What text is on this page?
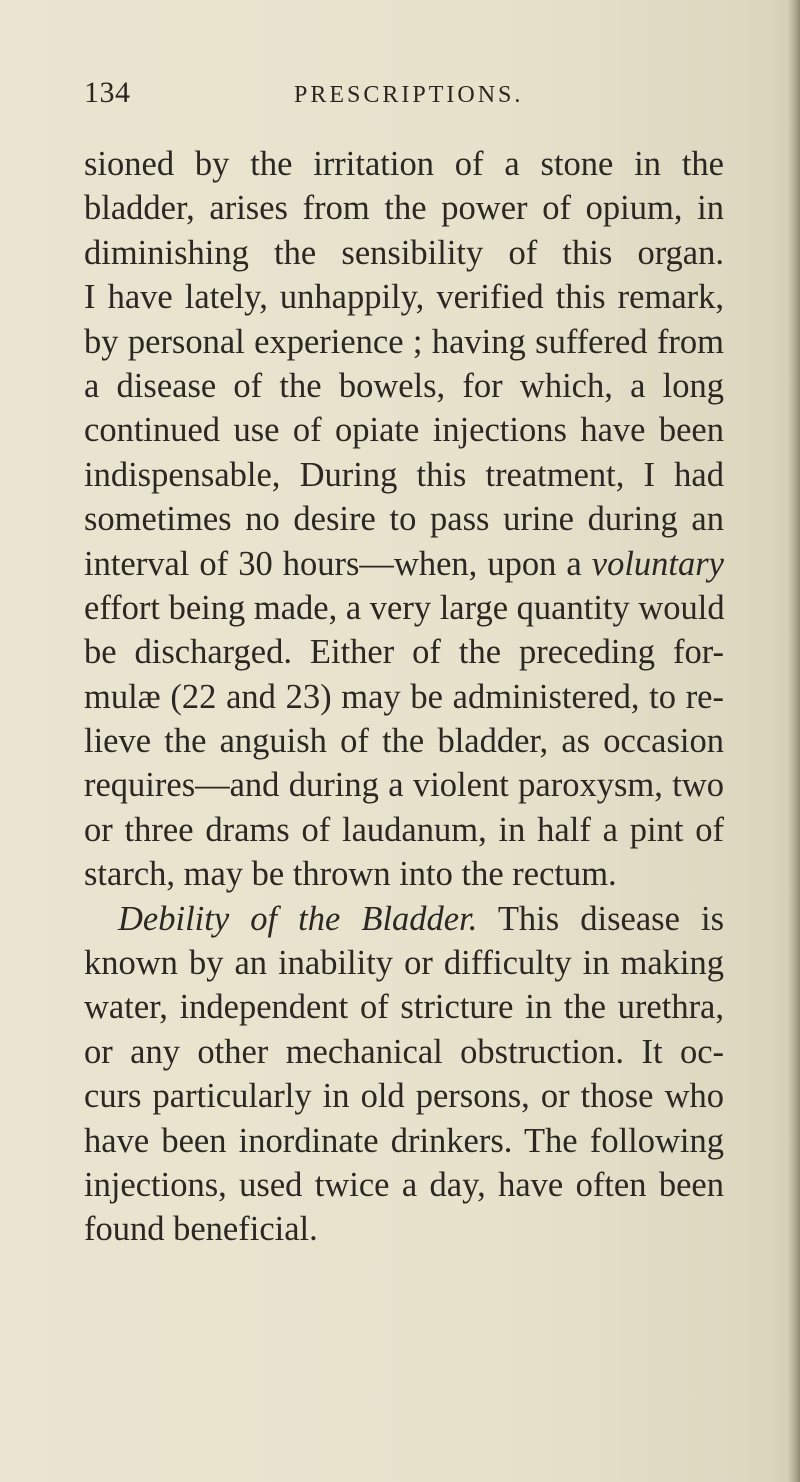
134	PRESCRIPTIONS.
sioned by the irritation of a stone in the
bladder, arises from the power of opium, in
diminishing the sensibility of this organ.
I have lately, unhappily, verified this remark,
by personal experience ; having suffered from
a disease of the bowels, for which, a long
continued use of opiate injections have been
indispensable, During this treatment, I had
sometimes no desire to pass urine during an
interval of 30 hours—when, upon a voluntary
effort being made, a very large quantity would
be discharged. Either of the preceding for-
mulæ (22 and 23) may be administered, to re-
lieve the anguish of the bladder, as occasion
requires—and during a violent paroxysm, two
or three drams of laudanum, in half a pint of
starch, may be thrown into the rectum.
Debility of the Bladder. This disease is
known by an inability or difficulty in making
water, independent of stricture in the urethra,
or any other mechanical obstruction. It oc-
curs particularly in old persons, or those who
have been inordinate drinkers. The following
injections, used twice a day, have often been
found beneficial.
